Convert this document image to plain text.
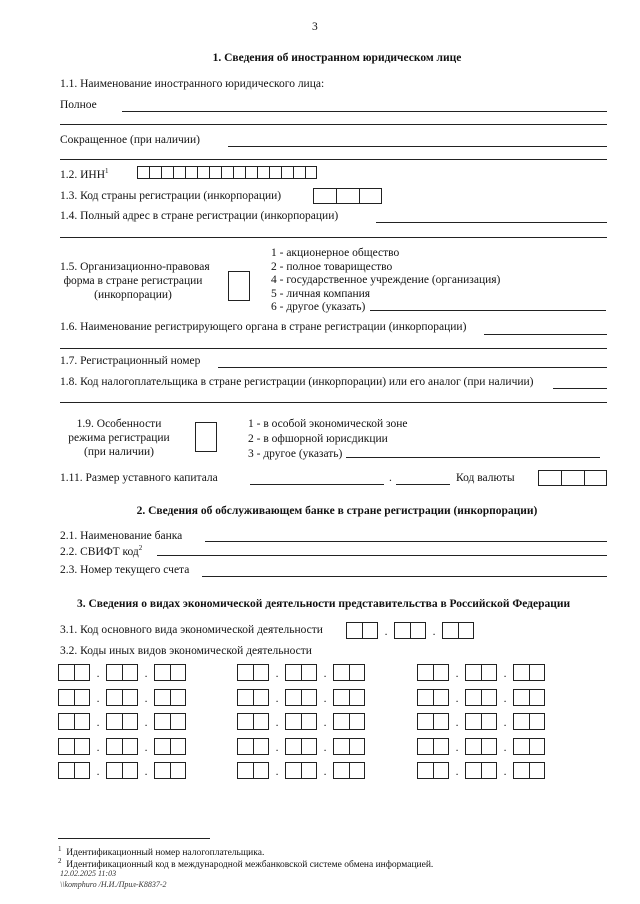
3
1. Сведения об иностранном юридическом лице
1.1. Наименование иностранного юридического лица:
Полное
Сокращенное (при наличии)
1.2. ИНН$^1$
1.3. Код страны регистрации (инкорпорации)
1.4. Полный адрес в стране регистрации (инкорпорации)
1.5. Организационно-правовая
форма в стране регистрации
(инкорпорации)
1 - акционерное общество
2 - полное товарищество
4 - государственное учреждение (организация)
5 - личная компания
6 - другое (указать)
1.6. Наименование регистрирующего органа в стране регистрации (инкорпорации)
1.7. Регистрационный номер
1.8. Код налогоплательщика в стране регистрации (инкорпорации) или его аналог (при наличии)
1.9. Особенности
режима регистрации
(при наличии)
1 - в особой экономической зоне
2 - в офшорной юрисдикции
3 - другое (указать)
1.11. Размер уставного капитала	.	Код валюты
2. Сведения об обслуживающем банке в стране регистрации (инкорпорации)
2.1. Наименование банка
2.2. СВИФТ код$^2$
2.3. Номер текущего счета
3. Сведения о видах экономической деятельности представительства в Российской Федерации
3.1. Код основного вида экономической деятельности	.	.
3.2. Коды иных видов экономической деятельности
.	.	.	.	.	.
.	.	.	.	.	.
.	.	.	.	.	.
.	.	.	.	.	.
.	.	.	.	.	.
$^1$ Идентификационный номер налогоплательщика.
$^2$ Идентификационный код в международной межбанковской системе обмена информацией.
12.02.2025 11:03
\\komphuro /Н.И./Прил-К8837-2
